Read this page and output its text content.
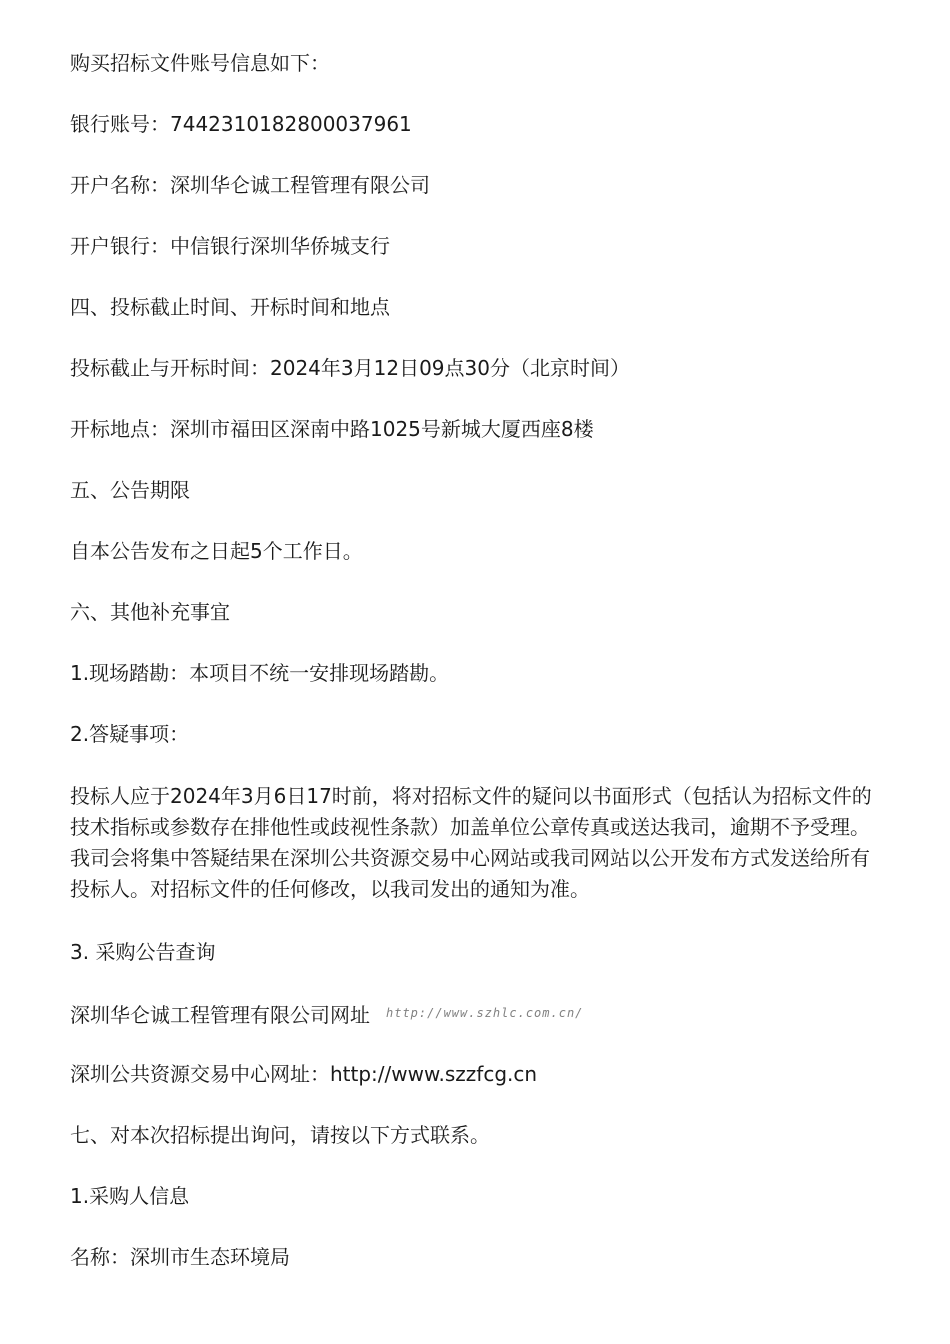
购买招标文件账号信息如下：
银行账号：7442310182800037961
开户名称：深圳华仑诚工程管理有限公司
开户银行：中信银行深圳华侨城支行
四、投标截止时间、开标时间和地点
投标截止与开标时间：2024年3月12日09点30分（北京时间）
开标地点：深圳市福田区深南中路1025号新城大厦西座8楼
五、公告期限
自本公告发布之日起5个工作日。
六、其他补充事宜
1.现场踏勘：本项目不统一安排现场踏勘。
2.答疑事项：
投标人应于2024年3月6日17时前，将对招标文件的疑问以书面形式（包括认为招标文件的技术指标或参数存在排他性或歧视性条款）加盖单位公章传真或送达我司，逾期不予受理。我司会将集中答疑结果在深圳公共资源交易中心网站或我司网站以公开发布方式发送给所有投标人。对招标文件的任何修改，以我司发出的通知为准。
3. 采购公告查询
深圳华仑诚工程管理有限公司网址 $^{http://www.szhlc.com.cn/}$
深圳公共资源交易中心网址：http://www.szzfcg.cn
七、对本次招标提出询问，请按以下方式联系。
1.采购人信息
名称：深圳市生态环境局
